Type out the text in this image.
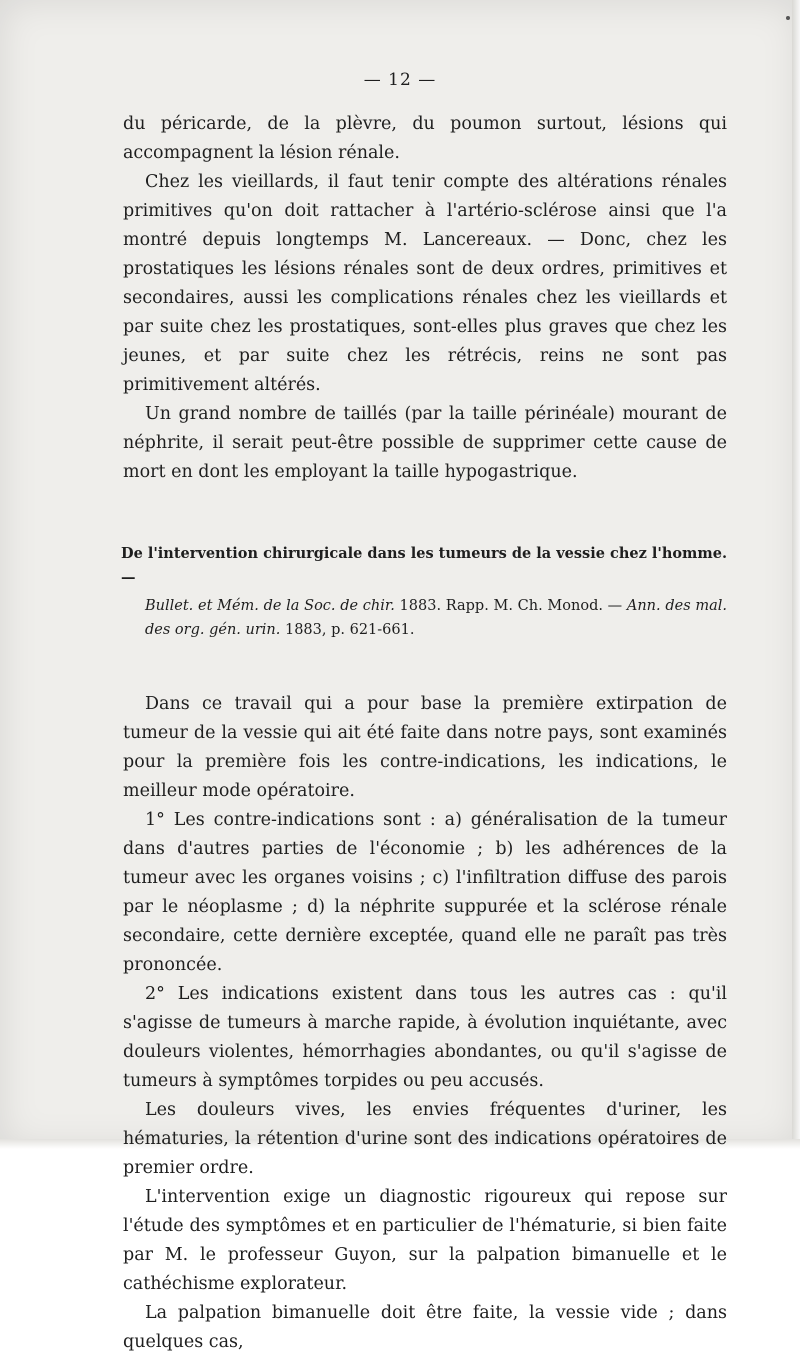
— 12 —

du péricarde, de la plèvre, du poumon surtout, lésions qui accompagnent la lésion rénale.

Chez les vieillards, il faut tenir compte des altérations rénales primitives qu'on doit rattacher à l'artério-sclérose ainsi que l'a montré depuis longtemps M. Lancereaux. — Donc, chez les prostatiques les lésions rénales sont de deux ordres, primitives et secondaires, aussi les complications rénales chez les vieillards et par suite chez les prostatiques, sont-elles plus graves que chez les jeunes, et par suite chez les rétrécis, reins ne sont pas primitivement altérés.

Un grand nombre de taillés (par la taille périnéale) mourant de néphrite, il serait peut-être possible de supprimer cette cause de mort en dont les employant la taille hypogastrique.

De l'intervention chirurgicale dans les tumeurs de la vessie chez l'homme. —

Bullet. et Mém. de la Soc. de chir. 1883. Rapp. M. Ch. Monod. — Ann. des mal. des org. gén. urin. 1883, p. 621-661.

Dans ce travail qui a pour base la première extirpation de tumeur de la vessie qui ait été faite dans notre pays, sont examinés pour la première fois les contre-indications, les indications, le meilleur mode opératoire.

1° Les contre-indications sont : a) généralisation de la tumeur dans d'autres parties de l'économie ; b) les adhérences de la tumeur avec les organes voisins ; c) l'infiltration diffuse des parois par le néoplasme ; d) la néphrite suppurée et la sclérose rénale secondaire, cette dernière exceptée, quand elle ne paraît pas très prononcée.

2° Les indications existent dans tous les autres cas : qu'il s'agisse de tumeurs à marche rapide, à évolution inquiétante, avec douleurs violentes, hémorrhagies abondantes, ou qu'il s'agisse de tumeurs à symptômes torpides ou peu accusés.

Les douleurs vives, les envies fréquentes d'uriner, les hématuries, la rétention d'urine sont des indications opératoires de premier ordre.

L'intervention exige un diagnostic rigoureux qui repose sur l'étude des symptômes et en particulier de l'hématurie, si bien faite par M. le professeur Guyon, sur la palpation bimanuelle et le cathéchisme explorateur.

La palpation bimanuelle doit être faite, la vessie vide ; dans quelques cas,
